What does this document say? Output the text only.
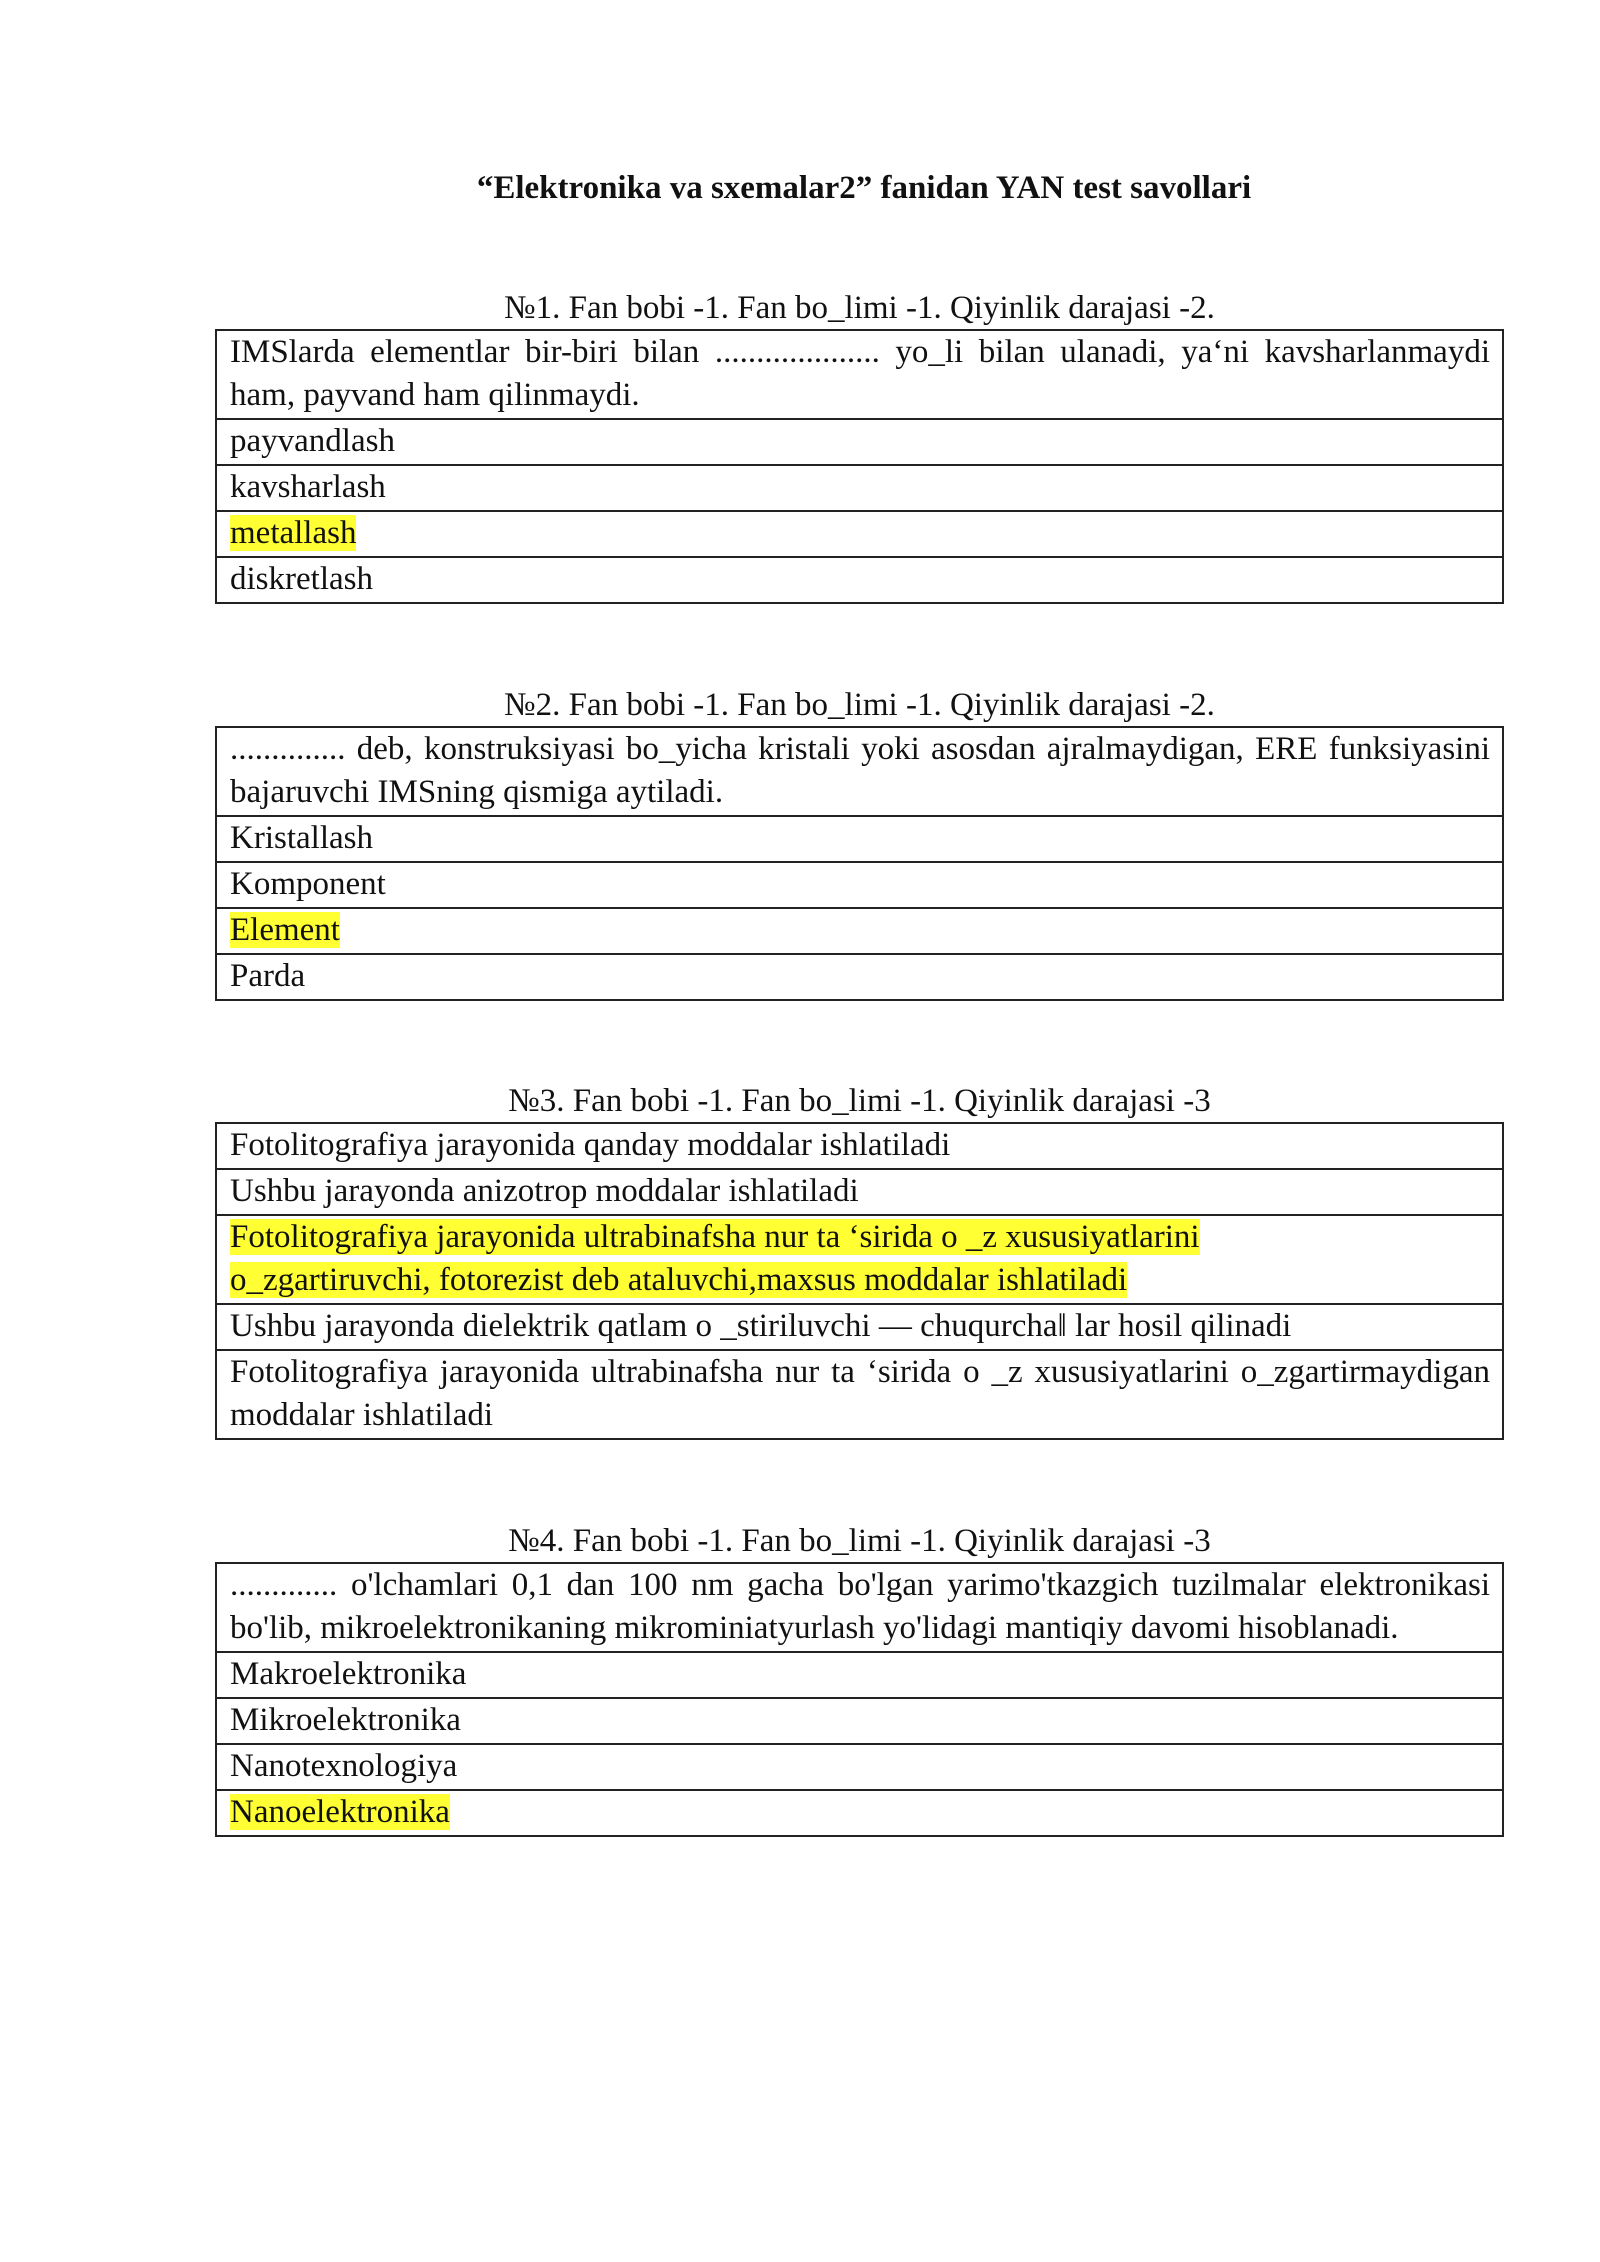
“Elektronika va sxemalar2” fanidan YAN test savollari
№1. Fan bobi -1. Fan bo_limi -1. Qiyinlik darajasi -2.
IMSlarda elementlar bir-biri bilan .................... yo_li bilan ulanadi, ya‘ni kavsharlanmaydi ham, payvand ham qilinmaydi.
payvandlash
kavsharlash
metallash
diskretlash
№2. Fan bobi -1. Fan bo_limi -1. Qiyinlik darajasi -2.
.............. deb, konstruksiyasi bo_yicha kristali yoki asosdan ajralmaydigan, ERE funksiyasini bajaruvchi IMSning qismiga aytiladi.
Kristallash
Komponent
Element
Parda
№3. Fan bobi -1. Fan bo_limi -1. Qiyinlik darajasi -3
Fotolitografiya jarayonida qanday moddalar ishlatiladi
Ushbu jarayonda anizotrop moddalar ishlatiladi
Fotolitografiya jarayonida ultrabinafsha nur ta ‘sirida o _z xususiyatlarini o_zgartiruvchi, fotorezist deb ataluvchi,maxsus moddalar ishlatiladi
Ushbu jarayonda dielektrik qatlam o _stiriluvchi — chuqurcha‖ lar hosil qilinadi
Fotolitografiya jarayonida ultrabinafsha nur ta ‘sirida o _z xususiyatlarini o_zgartirmaydigan moddalar ishlatiladi
№4. Fan bobi -1. Fan bo_limi -1. Qiyinlik darajasi -3
............. o'lchamlari 0,1 dan 100 nm gacha bo'lgan yarimo'tkazgich tuzilmalar elektronikasi bo'lib, mikroelektronikaning mikrominiatyurlash yo'lidagi mantiqiy davomi hisoblanadi.
Makroelektronika
Mikroelektronika
Nanotexnologiya
Nanoelektronika
